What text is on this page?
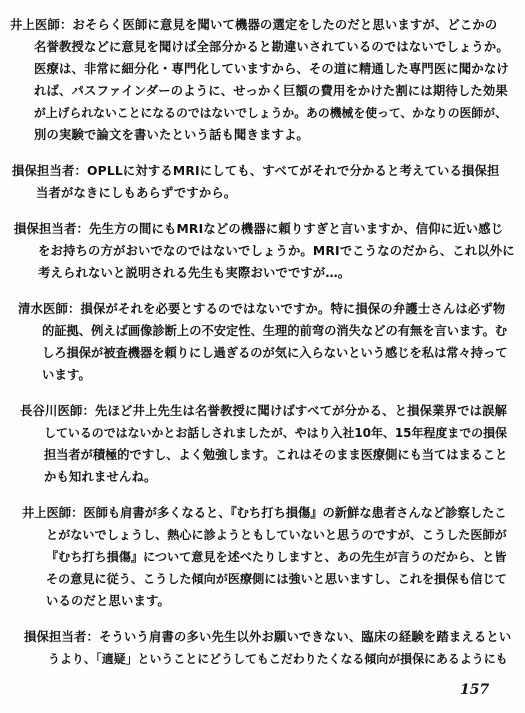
井上医師：おそらく医師に意見を聞いて機器の選定をしたのだと思いますが、どこかの
名誉教授などに意見を聞けば全部分かると勘違いされているのではないでしょうか。
医療は、非常に細分化・専門化していますから、その道に精通した専門医に聞かなけ
れば、パスファインダーのように、せっかく巨額の費用をかけた割には期待した効果
が上げられないことになるのではないでしょうか。あの機械を使って、かなりの医師が、
別の実験で論文を書いたという話も聞きますよ。
損保担当者：OPLLに対するMRIにしても、すべてがそれで分かると考えている損保担
当者がなきにしもあらずですから。
損保担当者：先生方の間にもMRIなどの機器に頼りすぎと言いますか、信仰に近い感じ
をお持ちの方がおいでなのではないでしょうか。MRIでこうなのだから、これ以外に
考えられないと説明される先生も実際おいでですが…。
清水医師：損保がそれを必要とするのではないですか。特に損保の弁護士さんは必ず物
的証拠、例えば画像診断上の不安定性、生理的前弯の消失などの有無を言います。む
しろ損保が被査機器を頼りにし過ぎるのが気に入らないという感じを私は常々持って
います。
長谷川医師：先ほど井上先生は名誉教授に聞けばすべてが分かる、と損保業界では誤解
しているのではないかとお話しされましたが、やはり入社10年、15年程度までの損保
担当者が積極的ですし、よく勉強します。これはそのまま医療側にも当てはまること
かも知れませんね。
井上医師：医師も肩書が多くなると、『むち打ち損傷』の新鮮な患者さんなど診察したこ
とがないでしょうし、熱心に診ようともしていないと思うのですが、こうした医師が
『むち打ち損傷』について意見を述べたりしますと、あの先生が言うのだから、と皆
その意見に従う、こうした傾向が医療側には強いと思いますし、これを損保も信じて
いるのだと思います。
損保担当者：そういう肩書の多い先生以外お願いできない、臨床の経験を踏まえるとい
うより、「適疑」ということにどうしてもこだわりたくなる傾向が損保にあるようにも
157
